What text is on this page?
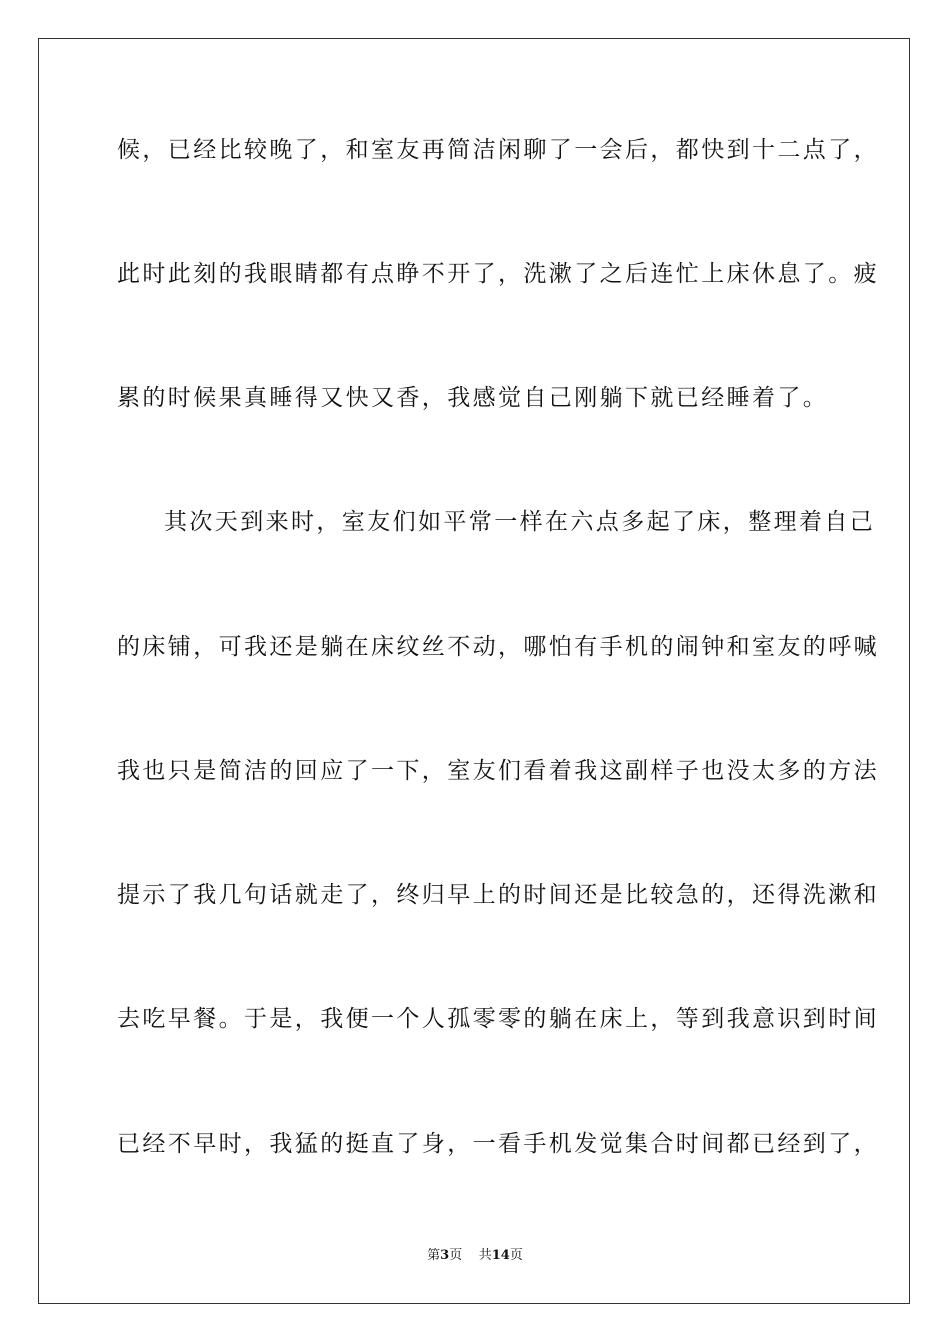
候，已经比较晚了，和室友再简洁闲聊了一会后，都快到十二点了，
此时此刻的我眼睛都有点睁不开了，洗漱了之后连忙上床休息了。疲
累的时候果真睡得又快又香，我感觉自己刚躺下就已经睡着了。
其次天到来时，室友们如平常一样在六点多起了床，整理着自己
的床铺，可我还是躺在床纹丝不动，哪怕有手机的闹钟和室友的呼喊
我也只是简洁的回应了一下，室友们看着我这副样子也没太多的方法
提示了我几句话就走了，终归早上的时间还是比较急的，还得洗漱和
去吃早餐。于是，我便一个人孤零零的躺在床上，等到我意识到时间
已经不早时，我猛的挺直了身，一看手机发觉集合时间都已经到了，
第3页    共14页
